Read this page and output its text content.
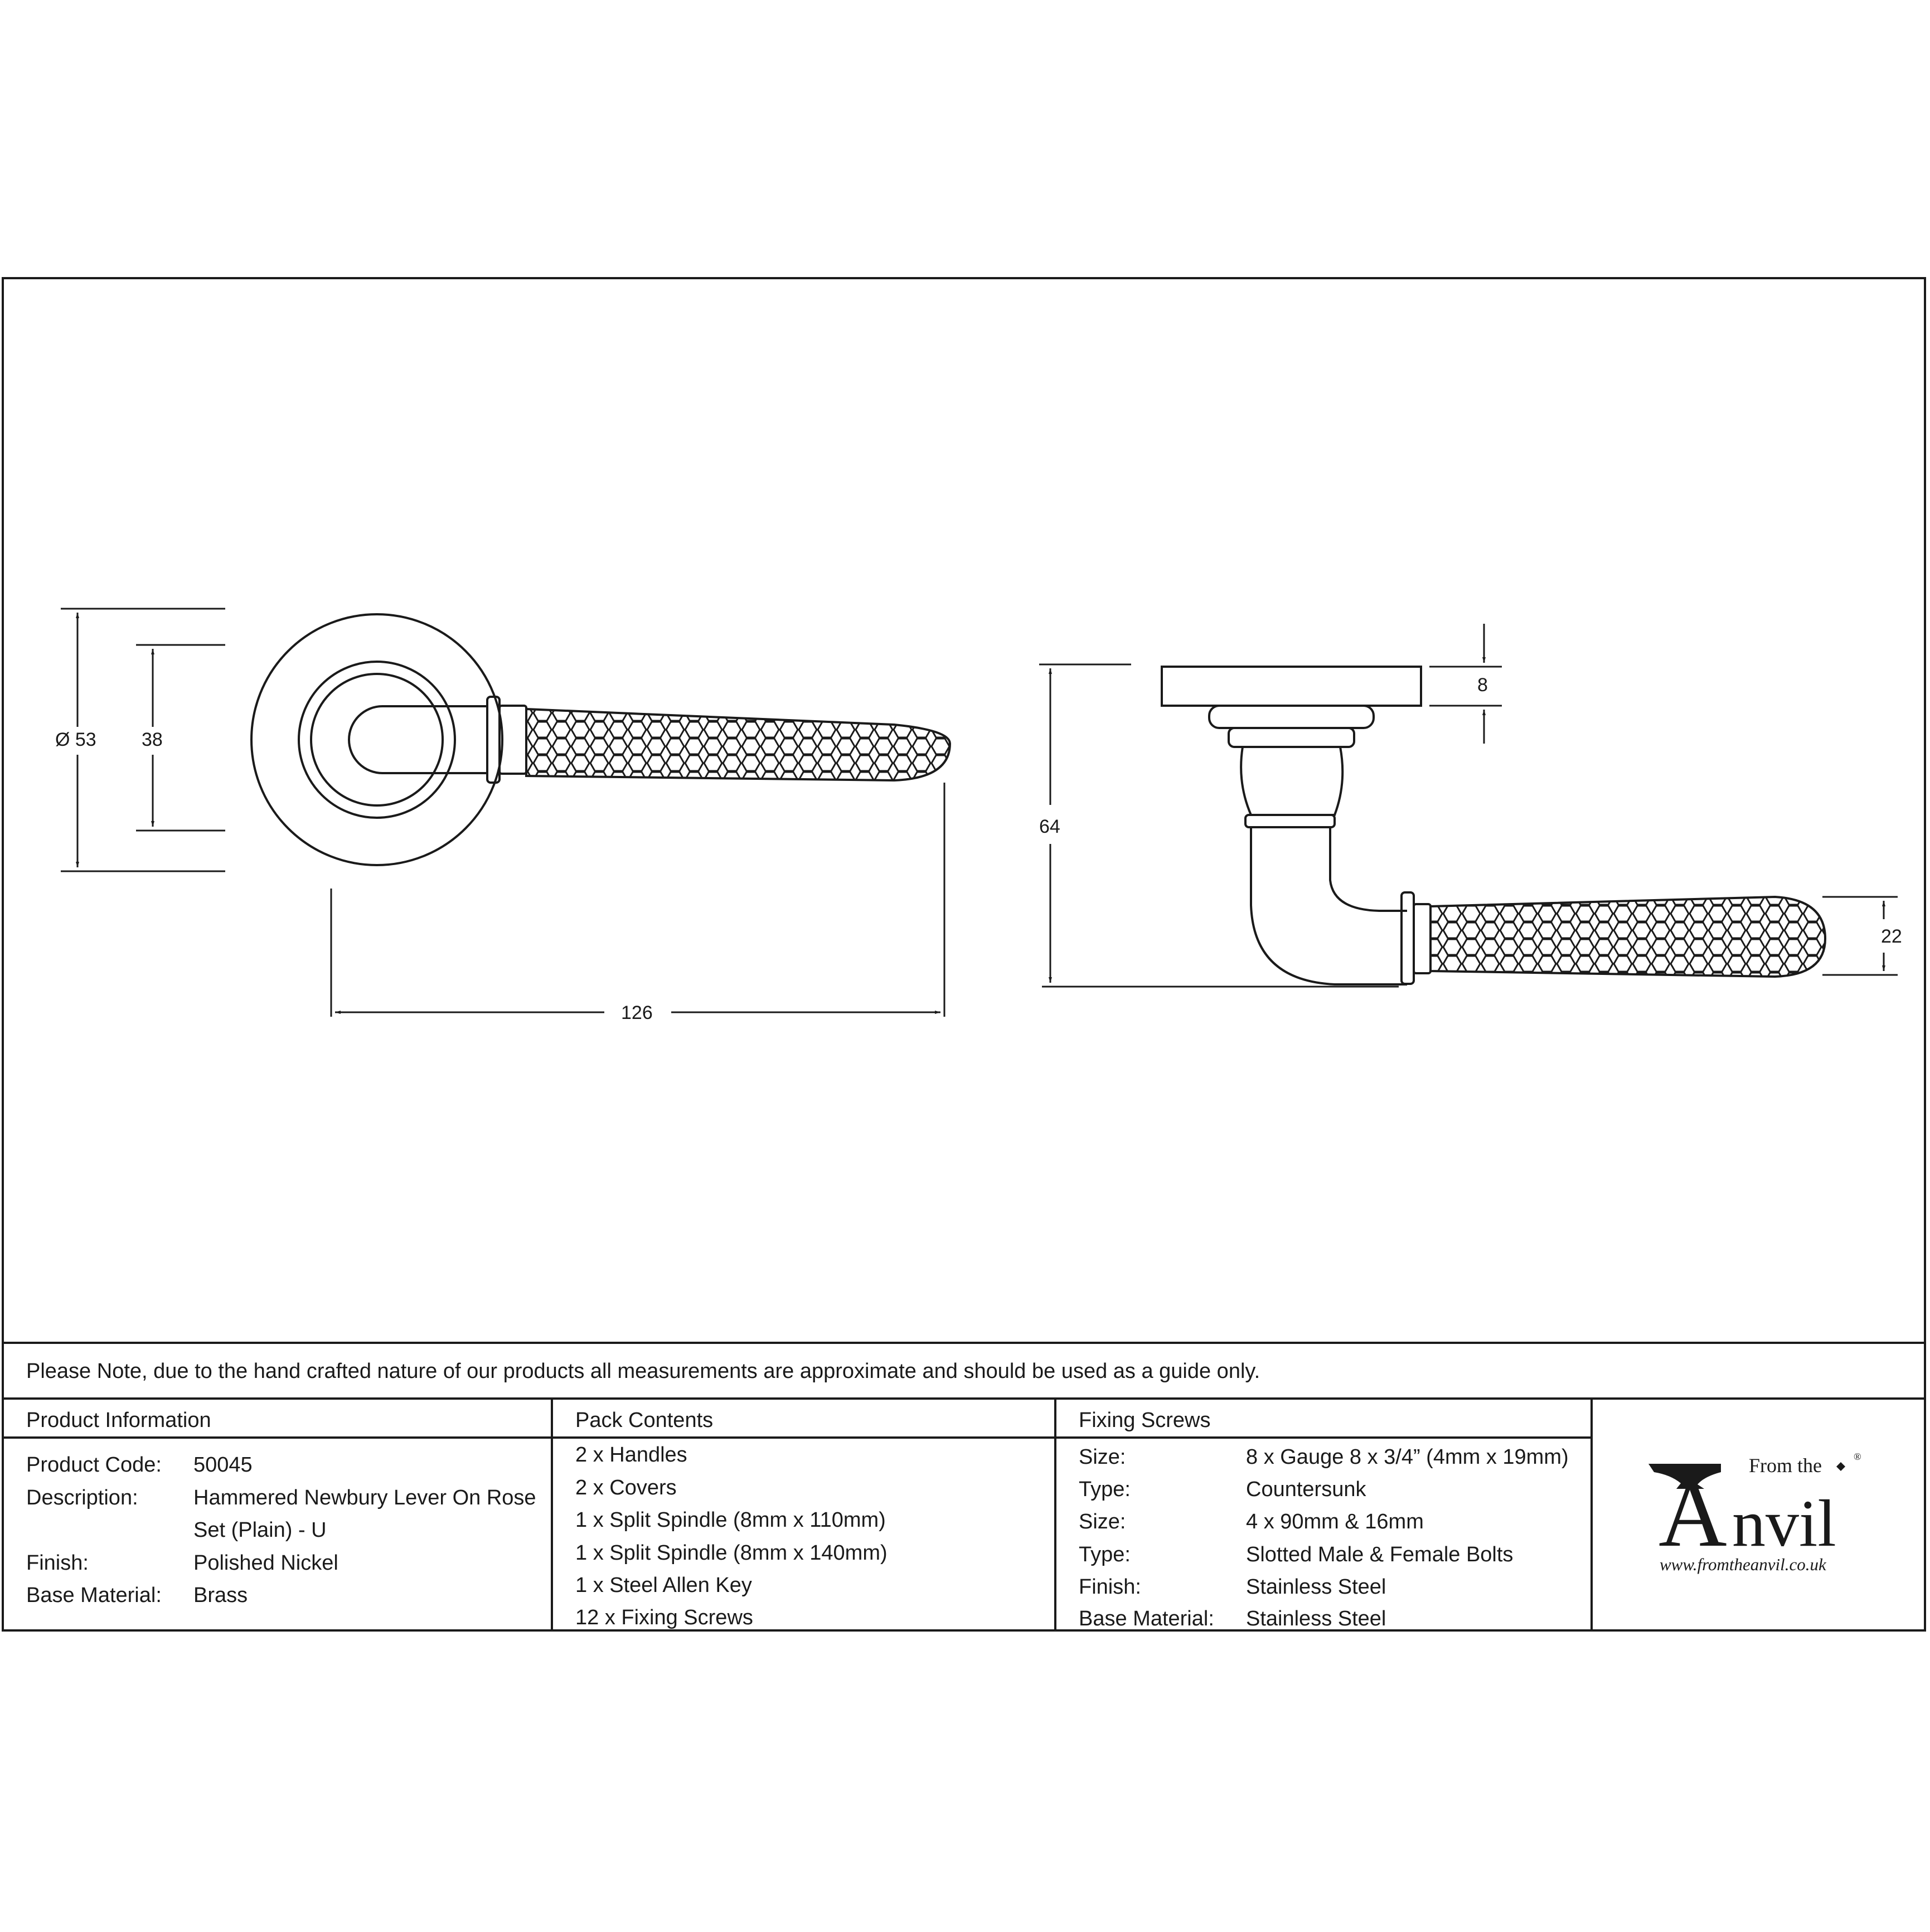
Ø 53 38
126
64
8
22
Please Note, due to the hand crafted nature of our products all measurements are approximate and should be used as a guide only.
Product Information
Product Code: 50045
Description:	Hammered Newbury Lever On Rose
Set (Plain) - U
Finish:	Polished Nickel
Base Material: Brass
Pack Contents
2 x Handles
2 x Covers
1 x Split Spindle (8mm x 110mm)
1 x Split Spindle (8mm x 140mm)
1 x Steel Allen Key
12 x Fixing Screws
Fixing Screws
Size:	8 x Gauge 8 x 3/4” (4mm x 19mm)
Type:	Countersunk
Size:	4 x 90mm & 16mm
Type:	Slotted Male & Female Bolts
Finish:	Stainless Steel
Base Material: Stainless Steel
From the	®
A nvil
www.fromtheanvil.co.uk
